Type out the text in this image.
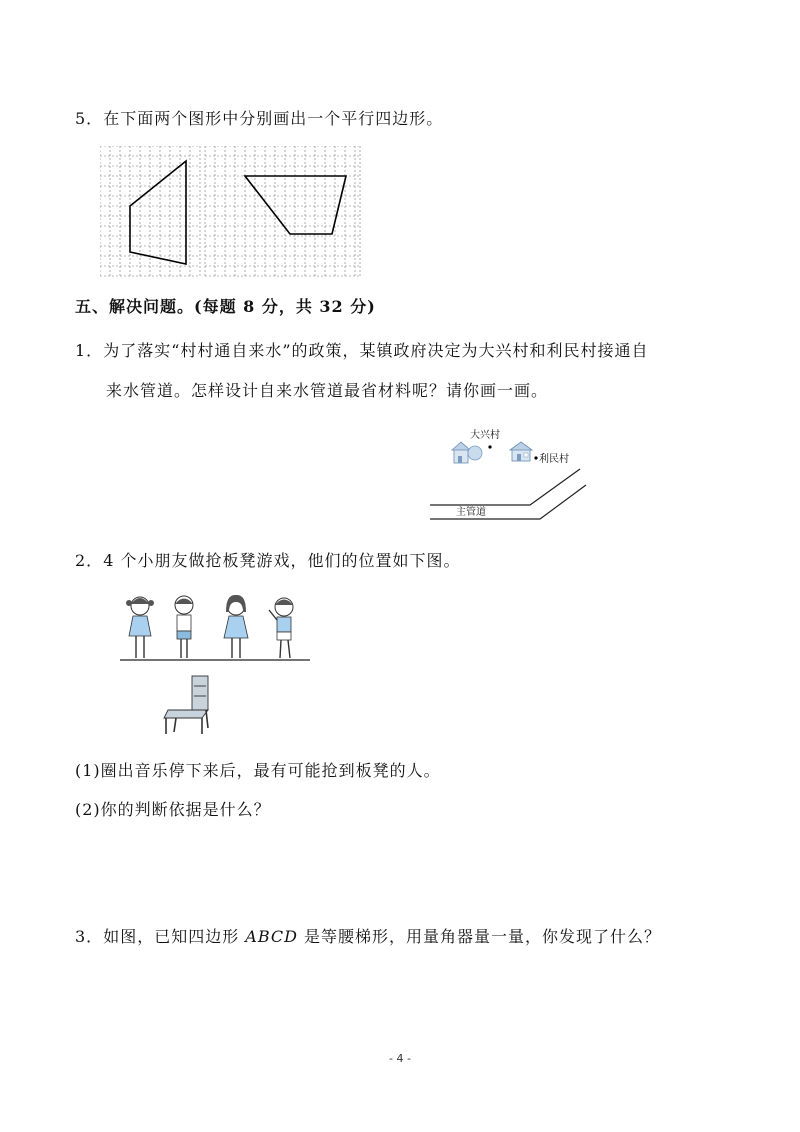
5．在下面两个图形中分别画出一个平行四边形。
五、解决问题。(每题 8 分，共 32 分)
1．为了落实“村村通自来水”的政策，某镇政府决定为大兴村和利民村接通自
来水管道。怎样设计自来水管道最省材料呢？请你画一画。
主管道
大兴村
利民村
2．4 个小朋友做抢板凳游戏，他们的位置如下图。
(1)圈出音乐停下来后，最有可能抢到板凳的人。
(2)你的判断依据是什么？
3．如图，已知四边形 ABCD 是等腰梯形，用量角器量一量，你发现了什么？
- 4 -
